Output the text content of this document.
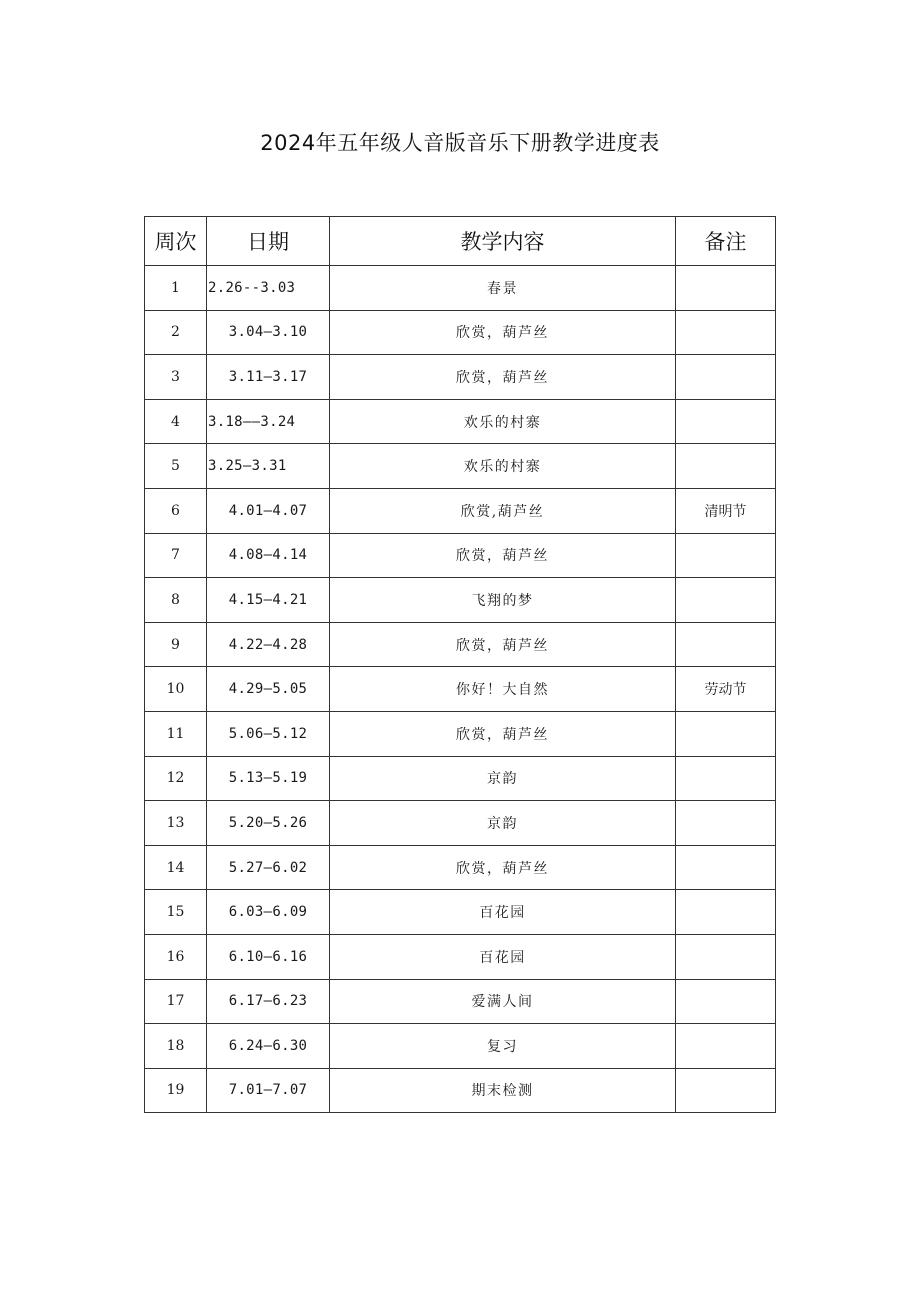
2024年五年级人音版音乐下册教学进度表
周次	日期	教学内容	备注
1	2.26--3.03	春景	
2	3.04—3.10	欣赏，葫芦丝	
3	3.11—3.17	欣赏，葫芦丝	
4	3.18——3.24	欢乐的村寨	
5	3.25—3.31	欢乐的村寨	
6	4.01—4.07	欣赏,葫芦丝	清明节
7	4.08—4.14	欣赏，葫芦丝	
8	4.15—4.21	飞翔的梦	
9	4.22—4.28	欣赏，葫芦丝	
10	4.29—5.05	你好！大自然	劳动节
11	5.06—5.12	欣赏，葫芦丝	
12	5.13—5.19	京韵	
13	5.20—5.26	京韵	
14	5.27—6.02	欣赏，葫芦丝	
15	6.03—6.09	百花园	
16	6.10—6.16	百花园	
17	6.17—6.23	爱满人间	
18	6.24—6.30	复习	
19	7.01—7.07	期末检测	
